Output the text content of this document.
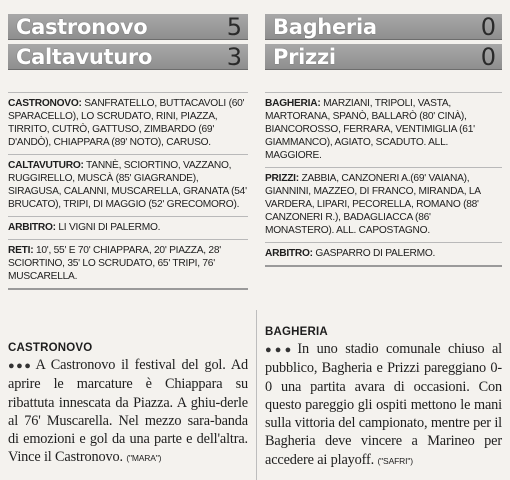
Castronovo	5
Caltavuturo	3
CASTRONOVO: SANFRATELLO, BUTTACAVOLI (60' SPARACELLO), LO SCRUDATO, RINI, PIAZZA, TIRRITO, CUTRÒ, GATTUSO, ZIMBARDO (69' D'ANDÒ), CHIAPPARA (89' NOTO), CARUSO.
CALTAVUTURO: TANNÈ, SCIORTINO, VAZZANO, RUGGIRELLO, MUSCÀ (85' GIAGRANDE), SIRAGUSA, CALANNI, MUSCARELLA, GRANATA (54' BRUCATO), TRIPI, DI MAGGIO (52' GRECOMORO).
ARBITRO: LI VIGNI DI PALERMO.
RETI: 10', 55' E 70' CHIAPPARA, 20' PIAZZA, 28' SCIORTINO, 35' LO SCRUDATO, 65' TRIPI, 76' MUSCARELLA.
Bagheria	0
Prizzi	0
BAGHERIA: MARZIANI, TRIPOLI, VASTA, MARTORANA, SPANÒ, BALLARÒ (80' CINÀ), BIANCOROSSO, FERRARA, VENTIMIGLIA (61' GIAMMANCO), AGIATO, SCADUTO. ALL. MAGGIORE.
PRIZZI: ZABBIA, CANZONERI A.(69' VAIANA), GIANNINI, MAZZEO, DI FRANCO, MIRANDA, LA VARDERA, LIPARI, PECORELLA, ROMANO (88' CANZONERI R.), BADAGLIACCA (86' MONASTERO). ALL. CAPOSTAGNO.
ARBITRO: GASPARRO DI PALERMO.
CASTRONOVO
●●● A Castronovo il festival del gol. Ad aprire le marcature è Chiappara su ribattuta innescata da Piazza. A ghiu-derle al 76' Muscarella. Nel mezzo sara-banda di emozioni e gol da una parte e dell'altra. Vince il Castronovo. ("MARA")
BAGHERIA
●●● In uno stadio comunale chiuso al pubblico, Bagheria e Prizzi pareggiano 0-0 una partita avara di occasioni. Con questo pareggio gli ospiti mettono le mani sulla vittoria del campionato, mentre per il Bagheria deve vincere a Marineo per accedere ai playoff. ("SAFRI")
